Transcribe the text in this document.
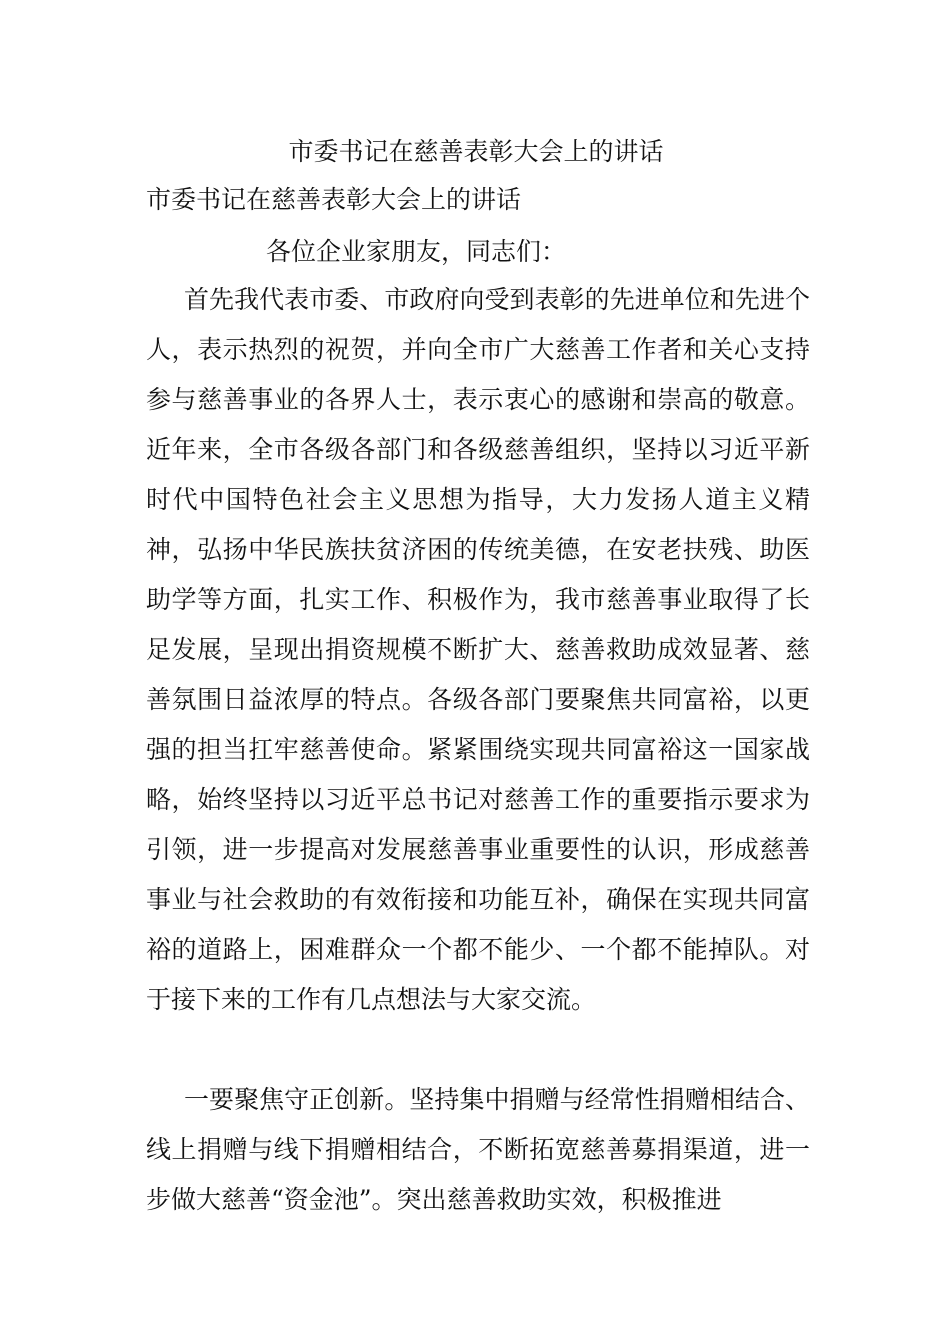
市委书记在慈善表彰大会上的讲话
市委书记在慈善表彰大会上的讲话

各位企业家朋友，同志们：

首先我代表市委、市政府向受到表彰的先进单位和先进个人，表示热烈的祝贺，并向全市广大慈善工作者和关心支持参与慈善事业的各界人士，表示衷心的感谢和崇高的敬意。近年来，全市各级各部门和各级慈善组织，坚持以习近平新时代中国特色社会主义思想为指导，大力发扬人道主义精神，弘扬中华民族扶贫济困的传统美德，在安老扶残、助医助学等方面，扎实工作、积极作为，我市慈善事业取得了长足发展，呈现出捐资规模不断扩大、慈善救助成效显著、慈善氛围日益浓厚的特点。各级各部门要聚焦共同富裕，以更强的担当扛牢慈善使命。紧紧围绕实现共同富裕这一国家战略，始终坚持以习近平总书记对慈善工作的重要指示要求为引领，进一步提高对发展慈善事业重要性的认识，形成慈善事业与社会救助的有效衔接和功能互补，确保在实现共同富裕的道路上，困难群众一个都不能少、一个都不能掉队。对于接下来的工作有几点想法与大家交流。

一要聚焦守正创新。坚持集中捐赠与经常性捐赠相结合、线上捐赠与线下捐赠相结合，不断拓宽慈善募捐渠道，进一步做大慈善“资金池”。突出慈善救助实效，积极推进
